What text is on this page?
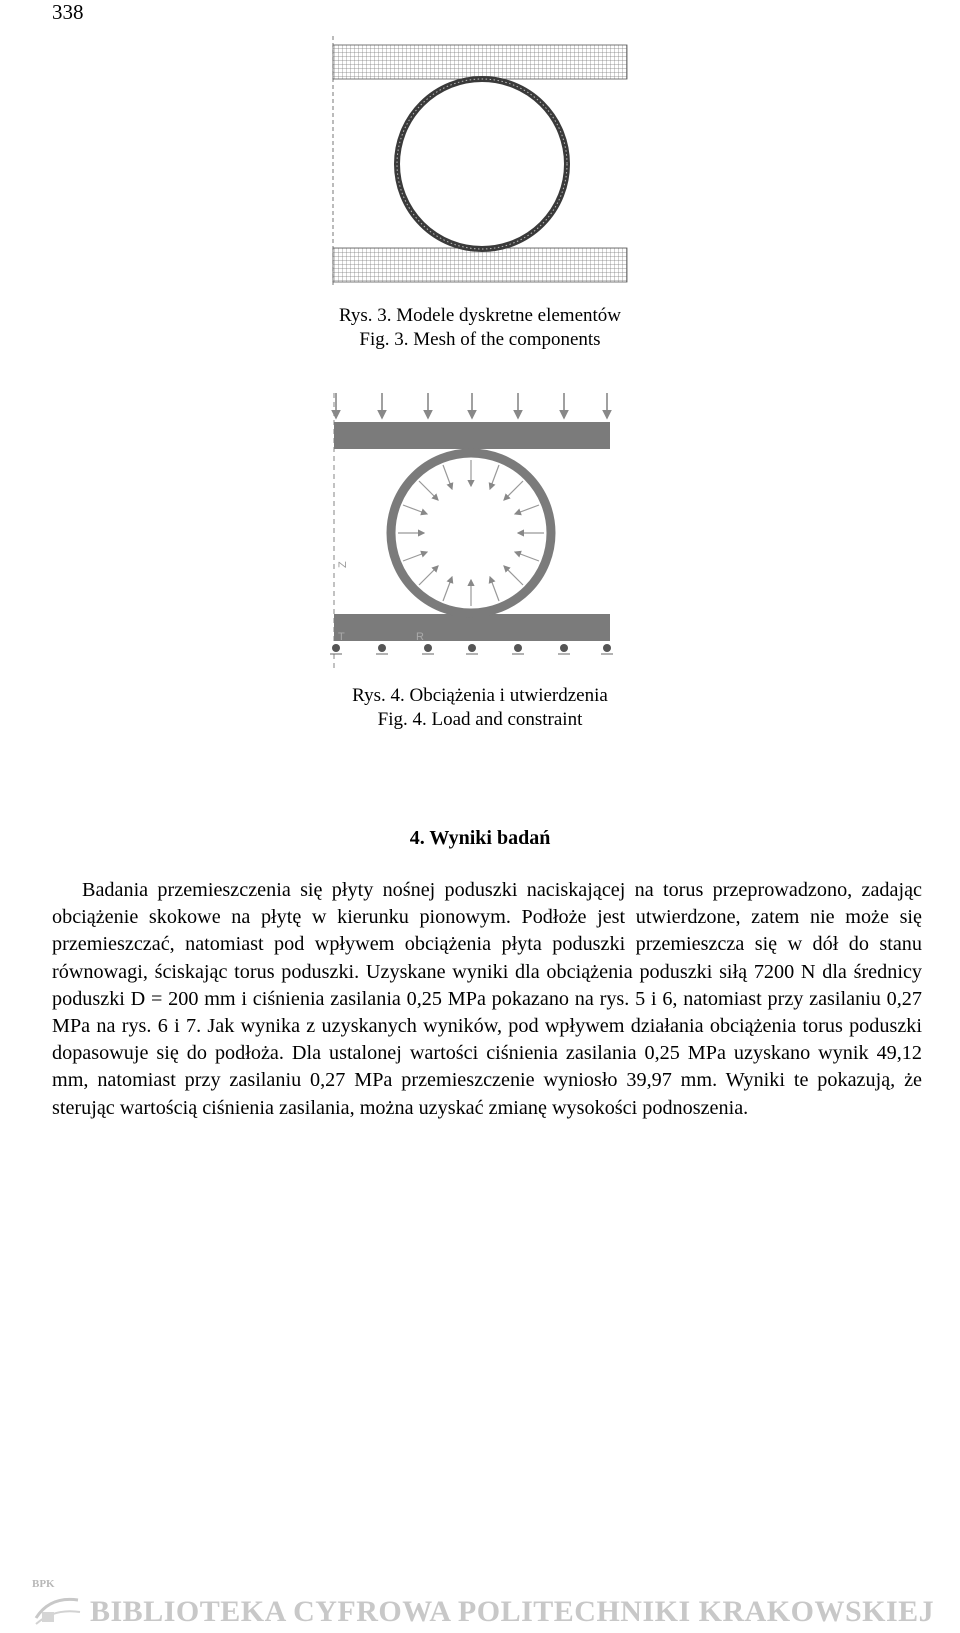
338
Rys. 3. Modele dyskretne elementów
Fig. 3. Mesh of the components
Z
T	R
Rys. 4. Obciążenia i utwierdzenia
Fig. 4. Load and constraint
4. Wyniki badań

Badania przemieszczenia się płyty nośnej poduszki naciskającej na torus przeprowadzono, zadając obciążenie skokowe na płytę w kierunku pionowym. Podłoże jest utwierdzone, zatem nie może się przemieszczać, natomiast pod wpływem obciążenia płyta poduszki przemieszcza się w dół do stanu równowagi, ściskając torus poduszki. Uzyskane wyniki dla obciążenia poduszki siłą 7200 N dla średnicy poduszki D = 200 mm i ciśnienia zasilania 0,25 MPa pokazano na rys. 5 i 6, natomiast przy zasilaniu 0,27 MPa na rys. 6 i 7. Jak wynika z uzyskanych wyników, pod wpływem działania obciążenia torus poduszki dopasowuje się do podłoża. Dla ustalonej wartości ciśnienia zasilania 0,25 MPa uzyskano wynik 49,12 mm, natomiast przy zasilaniu 0,27 MPa przemieszczenie wyniosło 39,97 mm. Wyniki te pokazują, że sterując wartością ciśnienia zasilania, można uzyskać zmianę wysokości podnoszenia.

BPK
BIBLIOTEKA CYFROWA POLITECHNIKI KRAKOWSKIEJ
